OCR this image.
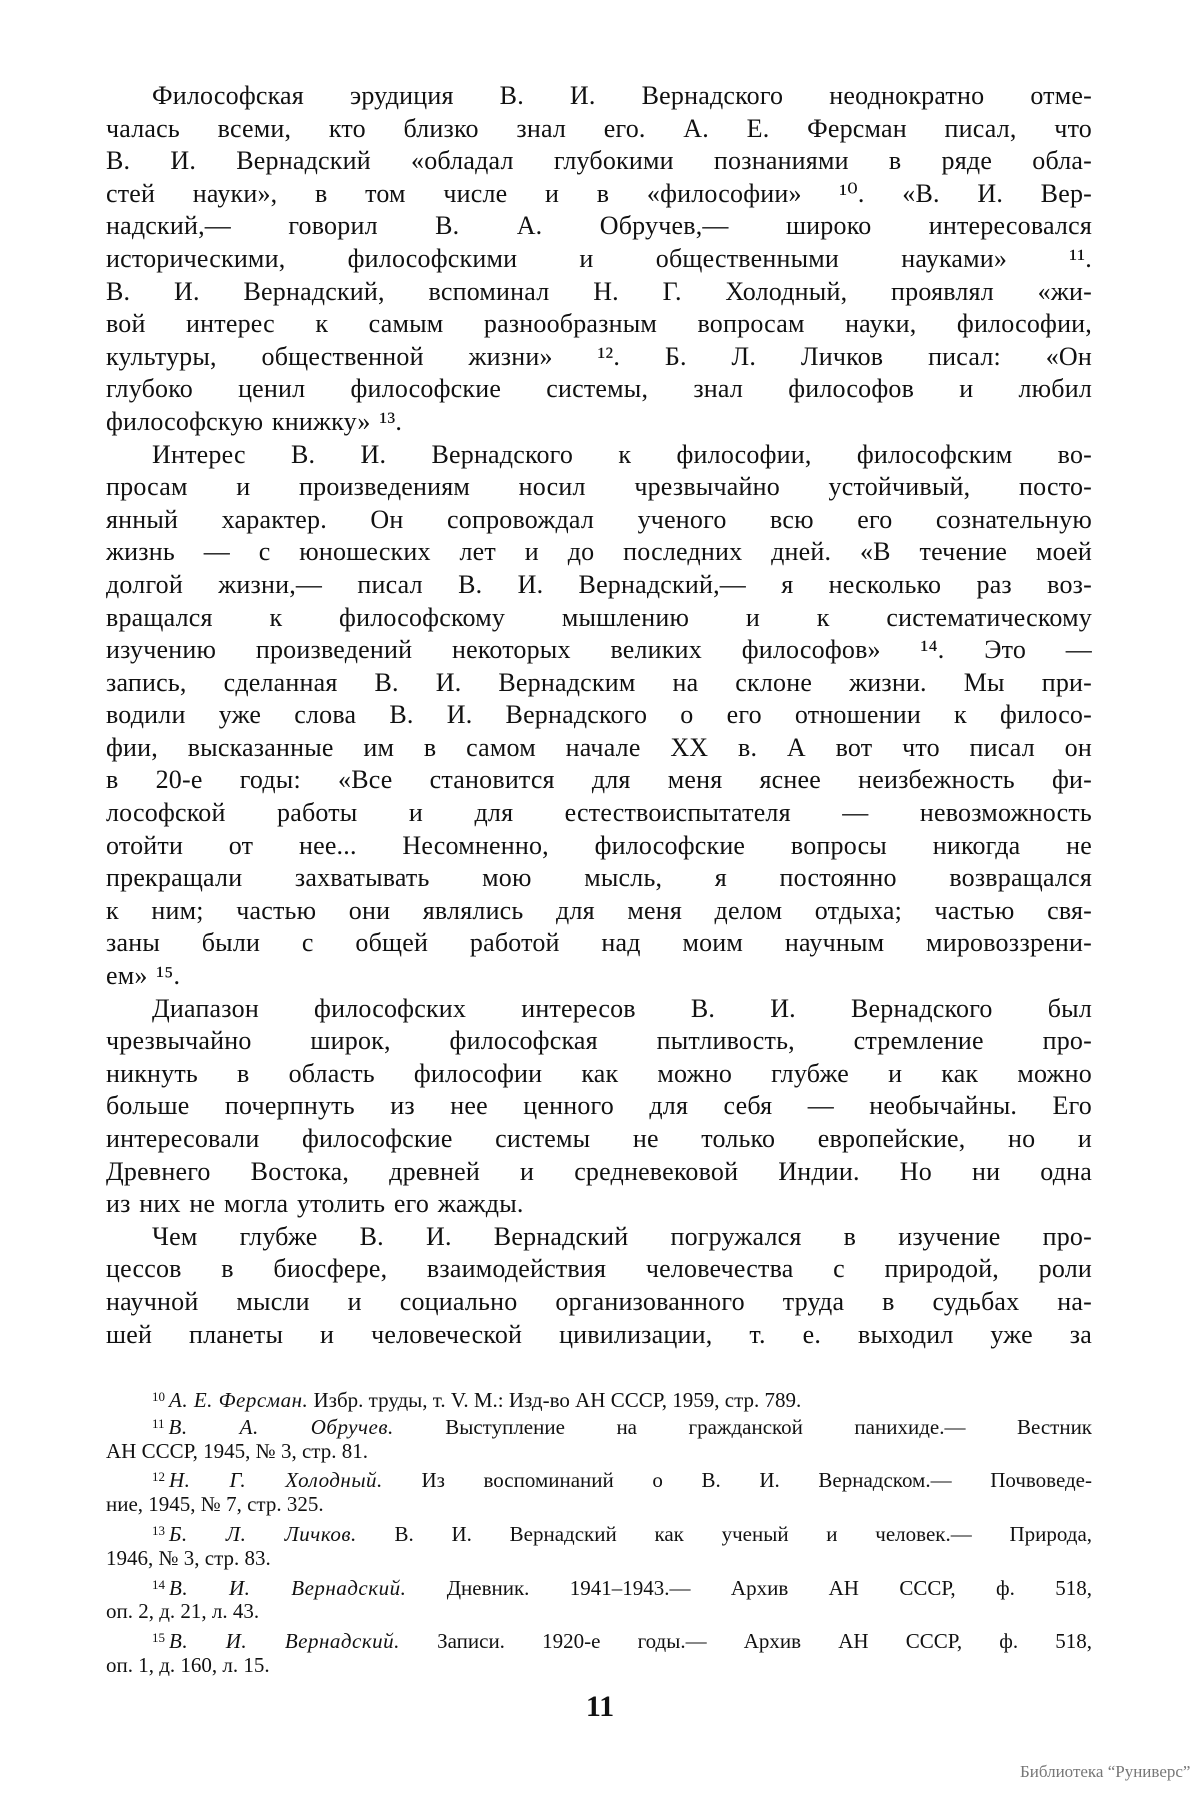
Философская эрудиция В. И. Вернадского неоднократно отме-
чалась всеми, кто близко знал его. А. Е. Ферсман писал, что
В. И. Вернадский «обладал глубокими познаниями в ряде обла-
стей науки», в том числе и в «философии» ¹⁰. «В. И. Вер-
надский,— говорил В. А. Обручев,— широко интересовался
историческими, философскими и общественными науками» ¹¹.
В. И. Вернадский, вспоминал Н. Г. Холодный, проявлял «жи-
вой интерес к самым разнообразным вопросам науки, философии,
культуры, общественной жизни» ¹². Б. Л. Личков писал: «Он
глубоко ценил философские системы, знал философов и любил
философскую книжку» ¹³.
Интерес В. И. Вернадского к философии, философским во-
просам и произведениям носил чрезвычайно устойчивый, посто-
янный характер. Он сопровождал ученого всю его сознательную
жизнь — с юношеских лет и до последних дней. «В течение моей
долгой жизни,— писал В. И. Вернадский,— я несколько раз воз-
вращался к философскому мышлению и к систематическому
изучению произведений некоторых великих философов» ¹⁴. Это —
запись, сделанная В. И. Вернадским на склоне жизни. Мы при-
водили уже слова В. И. Вернадского о его отношении к филосо-
фии, высказанные им в самом начале XX в. А вот что писал он
в 20-е годы: «Все становится для меня яснее неизбежность фи-
лософской работы и для естествоиспытателя — невозможность
отойти от нее... Несомненно, философские вопросы никогда не
прекращали захватывать мою мысль, я постоянно возвращался
к ним; частью они являлись для меня делом отдыха; частью свя-
заны были с общей работой над моим научным мировоззрени-
ем» ¹⁵.
Диапазон философских интересов В. И. Вернадского был
чрезвычайно широк, философская пытливость, стремление про-
никнуть в область философии как можно глубже и как можно
больше почерпнуть из нее ценного для себя — необычайны. Его
интересовали философские системы не только европейские, но и
Древнего Востока, древней и средневековой Индии. Но ни одна
из них не могла утолить его жажды.
Чем глубже В. И. Вернадский погружался в изучение про-
цессов в биосфере, взаимодействия человечества с природой, роли
научной мысли и социально организованного труда в судьбах на-
шей планеты и человеческой цивилизации, т. е. выходил уже за
$^{10}$ А. Е. Ферсман. Избр. труды, т. V. М.: Изд-во АН СССР, 1959, стр. 789.
$^{11}$ В. А. Обручев. Выступление на гражданской панихиде.— Вестник
АН СССР, 1945, № 3, стр. 81.
$^{12}$ Н. Г. Холодный. Из воспоминаний о В. И. Вернадском.— Почвоведе-
ние, 1945, № 7, стр. 325.
$^{13}$ Б. Л. Личков. В. И. Вернадский как ученый и человек.— Природа,
1946, № 3, стр. 83.
$^{14}$ В. И. Вернадский. Дневник. 1941–1943.— Архив АН СССР, ф. 518,
оп. 2, д. 21, л. 43.
$^{15}$ В. И. Вернадский. Записи. 1920-е годы.— Архив АН СССР, ф. 518,
оп. 1, д. 160, л. 15.
11
Библиотека “Руниверс”
